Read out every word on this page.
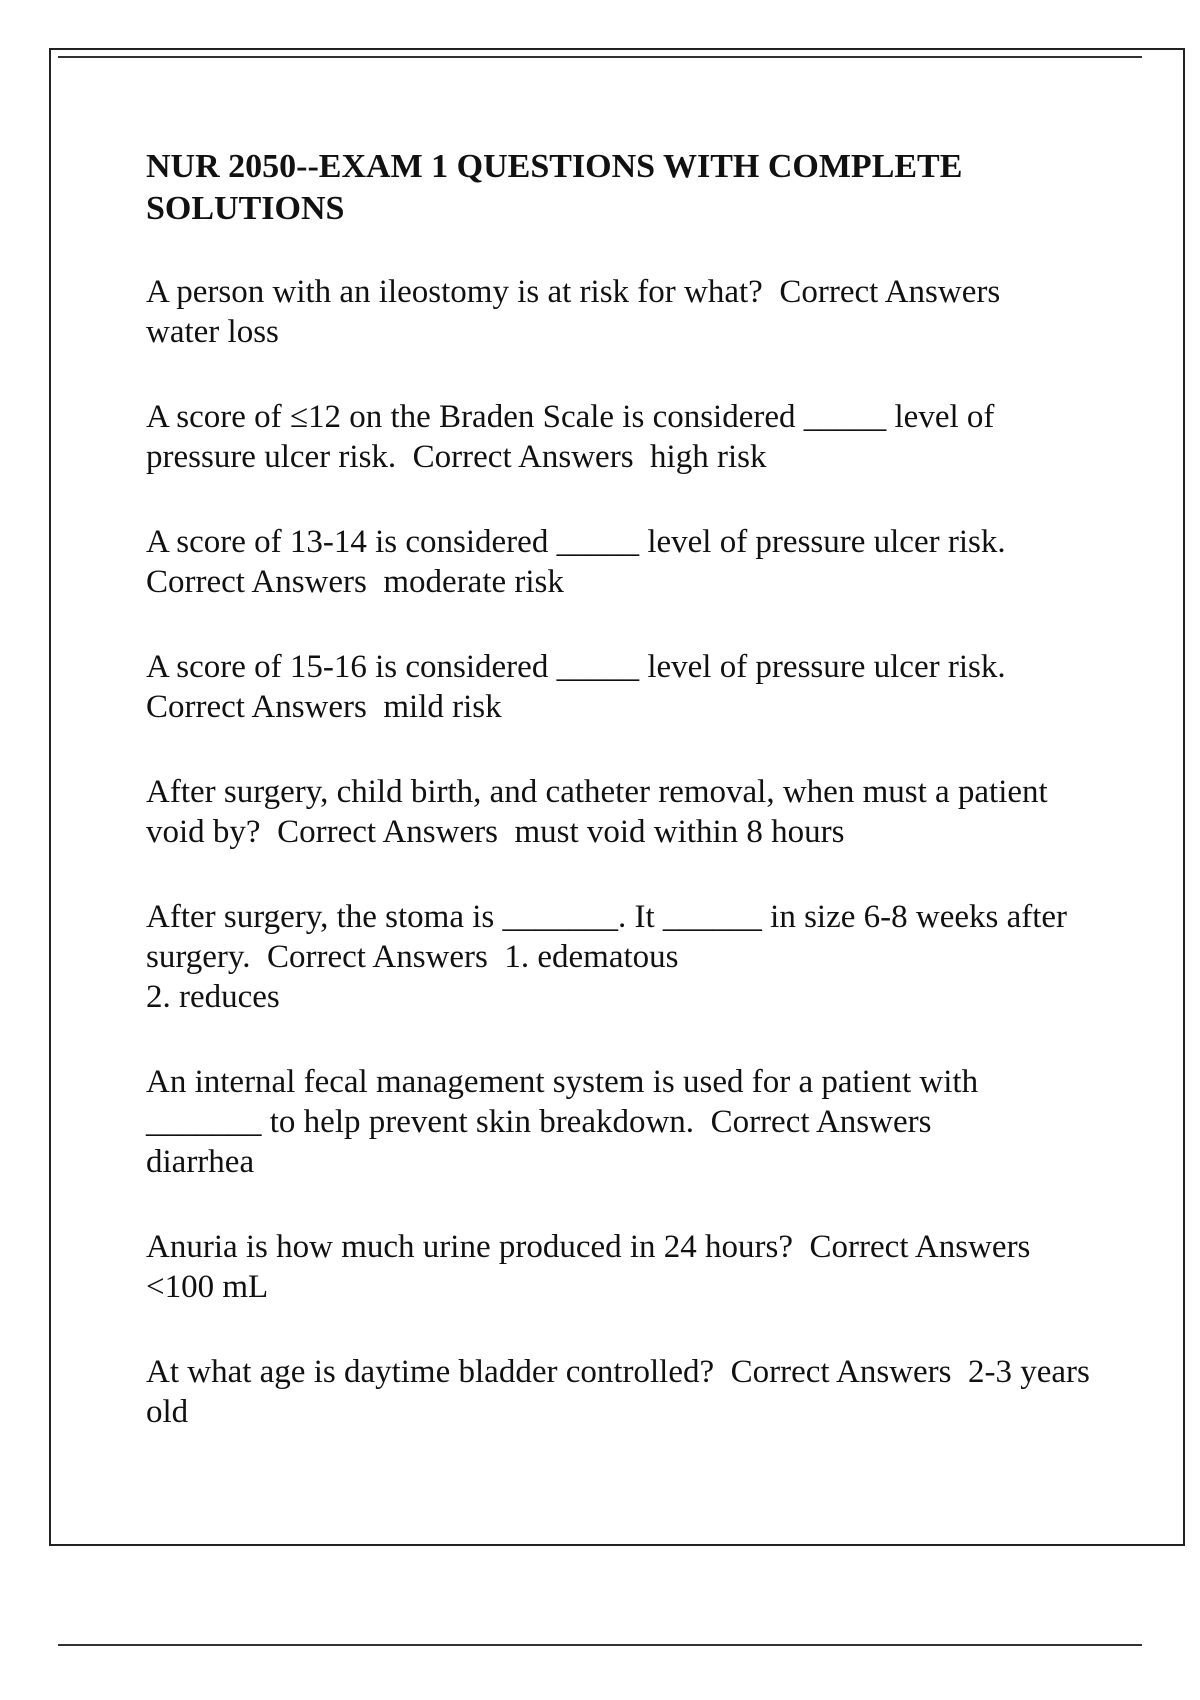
NUR 2050--EXAM 1 QUESTIONS WITH COMPLETE SOLUTIONS
A person with an ileostomy is at risk for what? Correct Answers
water loss
A score of ≤12 on the Braden Scale is considered _____ level of pressure ulcer risk. Correct Answers high risk
A score of 13-14 is considered _____ level of pressure ulcer risk.  Correct Answers moderate risk
A score of 15-16 is considered _____ level of pressure ulcer risk.  Correct Answers mild risk
After surgery, child birth, and catheter removal, when must a patient void by? Correct Answers must void within 8 hours
After surgery, the stoma is _______. It ______ in size 6-8 weeks after surgery. Correct Answers 1. edematous
2. reduces
An internal fecal management system is used for a patient with _______ to help prevent skin breakdown. Correct Answers
diarrhea
Anuria is how much urine produced in 24 hours? Correct Answers  <100 mL
At what age is daytime bladder controlled? Correct Answers 2-3 years old
